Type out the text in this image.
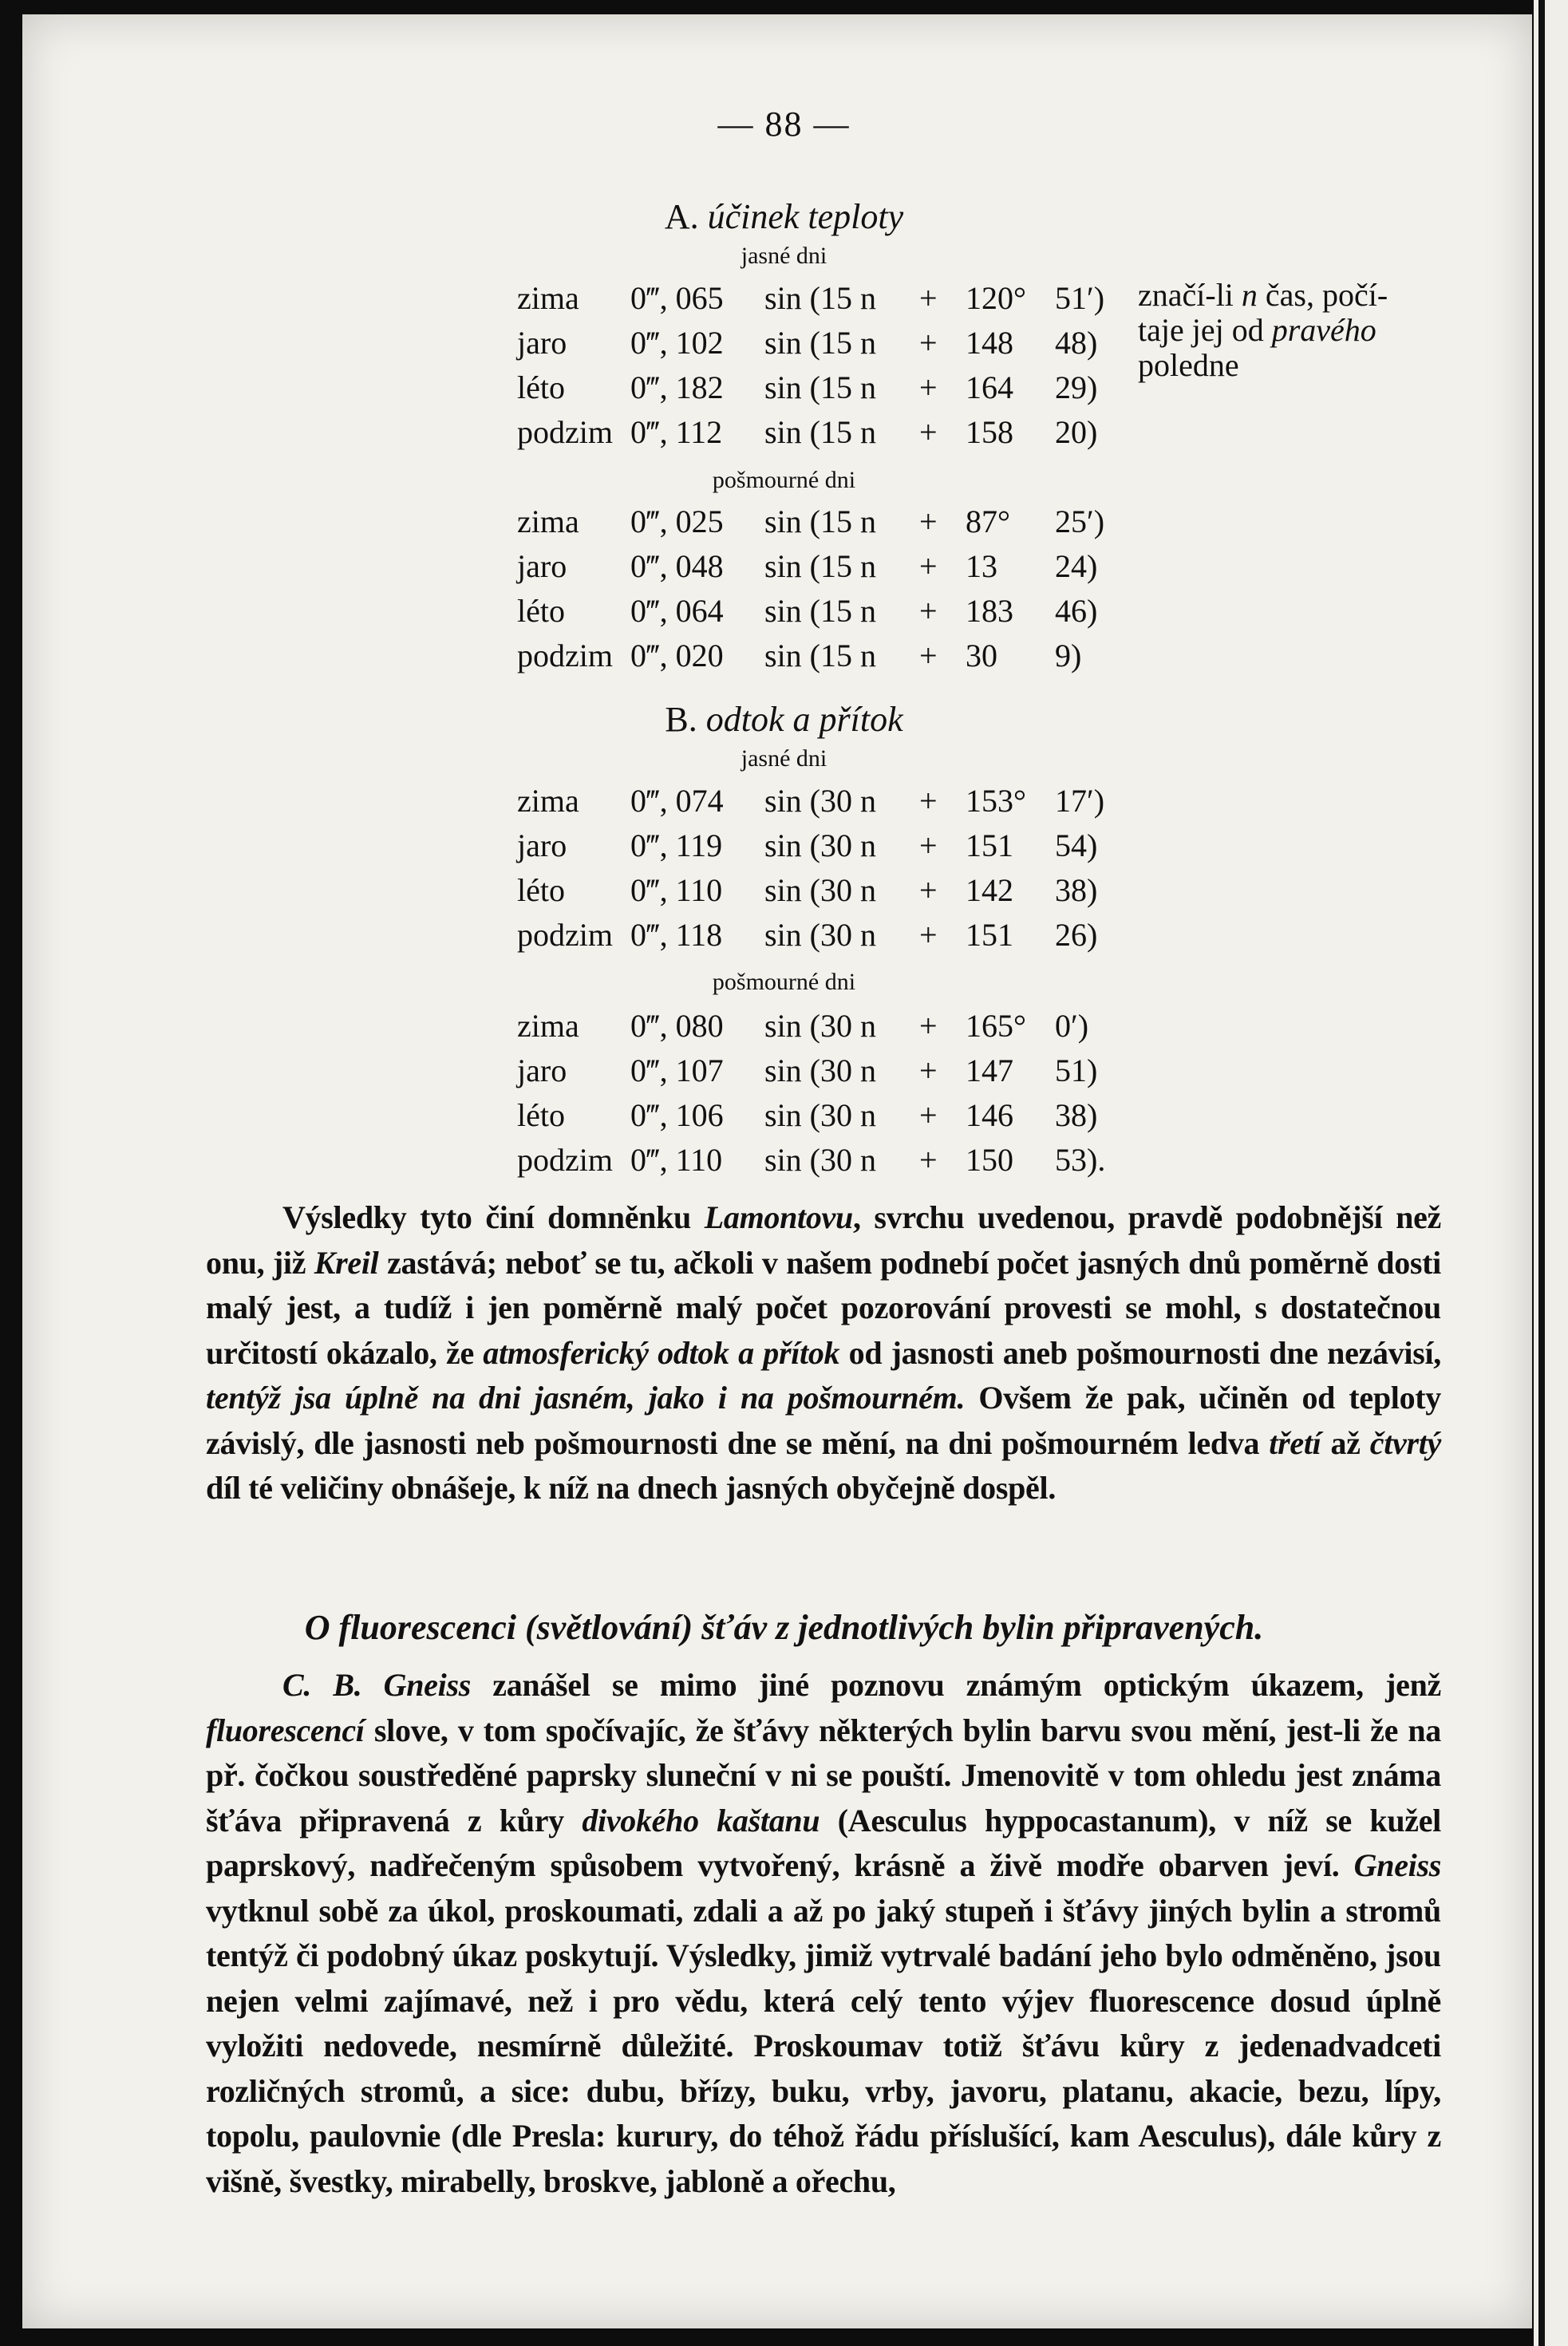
— 88 —
A. účinek teploty
jasné dni
zima 0‴, 065 sin (15 n + 120° 51′)
jaro 0‴, 102 sin (15 n + 148 48)
léto 0‴, 182 sin (15 n + 164 29)
podzim 0‴, 112 sin (15 n + 158 20)
značí-li n čas, počí-
taje jej od pravého
poledne
pošmourné dni
zima 0‴, 025 sin (15 n + 87° 25′)
jaro 0‴, 048 sin (15 n + 13 24)
léto 0‴, 064 sin (15 n + 183 46)
podzim 0‴, 020 sin (15 n + 30 9)
B. odtok a přítok
jasné dni
zima 0‴, 074 sin (30 n + 153° 17′)
jaro 0‴, 119 sin (30 n + 151 54)
léto 0‴, 110 sin (30 n + 142 38)
podzim 0‴, 118 sin (30 n + 151 26)
pošmourné dni
zima 0‴, 080 sin (30 n + 165° 0′)
jaro 0‴, 107 sin (30 n + 147 51)
léto 0‴, 106 sin (30 n + 146 38)
podzim 0‴, 110 sin (30 n + 150 53).
Výsledky tyto činí domněnku Lamontovu, svrchu uvedenou, pravdě podobnější než onu, již Kreil zastává; neboť se tu, ačkoli v našem podnebí počet jasných dnů poměrně dosti malý jest, a tudíž i jen poměrně malý počet pozorování provesti se mohl, s dostatečnou určitostí okázalo, že atmosferický odtok a přítok od jasnosti aneb pošmournosti dne nezávisí, tentýž jsa úplně na dni jasném, jako i na pošmourném. Ovšem že pak, učiněn od teploty závislý, dle jasnosti neb pošmournosti dne se mění, na dni pošmourném ledva třetí až čtvrtý díl té veličiny obnášeje, k níž na dnech jasných obyčejně dospěl.
O fluorescenci (světlování) šťáv z jednotlivých bylin připravených.
C. B. Gneiss zanášel se mimo jiné poznovu známým optickým úkazem, jenž fluorescencí slove, v tom spočívajíc, že šťávy některých bylin barvu svou mění, jest-li že na př. čočkou soustředěné paprsky sluneční v ni se pouští. Jmenovitě v tom ohledu jest známa šťáva připravená z kůry divokého kaštanu (Aesculus hyppocastanum), v níž se kužel paprskový, nadřečeným spůsobem vytvořený, krásně a živě modře obarven jeví. Gneiss vytknul sobě za úkol, proskoumati, zdali a až po jaký stupeň i šťávy jiných bylin a stromů tentýž či podobný úkaz poskytují. Výsledky, jimiž vytrvalé badání jeho bylo odměněno, jsou nejen velmi zajímavé, než i pro vědu, která celý tento výjev fluorescence dosud úplně vyložiti nedovede, nesmírně důležité. Proskoumav totiž šťávu kůry z jedenadvadceti rozličných stromů, a sice: dubu, břízy, buku, vrby, javoru, platanu, akacie, bezu, lípy, topolu, paulovnie (dle Presla: kurury, do téhož řádu příslušící, kam Aesculus), dále kůry z višně, švestky, mirabelly, broskve, jabloně a ořechu,
